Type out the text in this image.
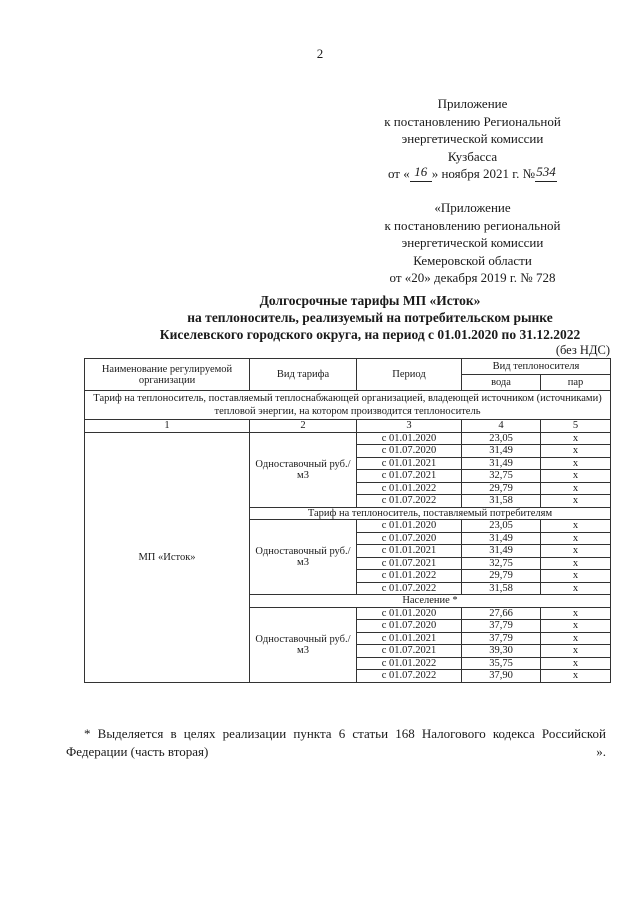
2
Приложение
к постановлению Региональной
энергетической комиссии
Кузбасса
от « 16 » ноября 2021 г. №534
«Приложение
к постановлению региональной
энергетической комиссии
Кемеровской области
от «20» декабря 2019 г. № 728
Долгосрочные тарифы МП «Исток»
на теплоноситель, реализуемый на потребительском рынке
Киселевского городского округа, на период с 01.01.2020 по 31.12.2022
(без НДС)
Наименование регулируемой организации	Вид тарифа	Период	Вид теплоносителя	
			вода	пар
Тариф на теплоноситель, поставляемый теплоснабжающей организацией, владеющей источником (источниками) тепловой энергии, на котором производится теплоноситель				
1	2	3	4	5
МП «Исток»	Одноставочный руб./м3	с 01.01.2020	23,05	х
		с 01.07.2020	31,49	х
		с 01.01.2021	31,49	х
		с 01.07.2021	32,75	х
		с 01.01.2022	29,79	х
		с 01.07.2022	31,58	х
	Тариф на теплоноситель, поставляемый потребителям			
	Одноставочный руб./м3	с 01.01.2020	23,05	х
		с 01.07.2020	31,49	х
		с 01.01.2021	31,49	х
		с 01.07.2021	32,75	х
		с 01.01.2022	29,79	х
		с 01.07.2022	31,58	х
	Население *			
	Одноставочный руб./м3	с 01.01.2020	27,66	х
		с 01.07.2020	37,79	х
		с 01.01.2021	37,79	х
		с 01.07.2021	39,30	х
		с 01.01.2022	35,75	х
		с 01.07.2022	37,90	х

* Выделяется в целях реализации пункта 6 статьи 168 Налогового кодекса Российской Федерации (часть вторая)	».
